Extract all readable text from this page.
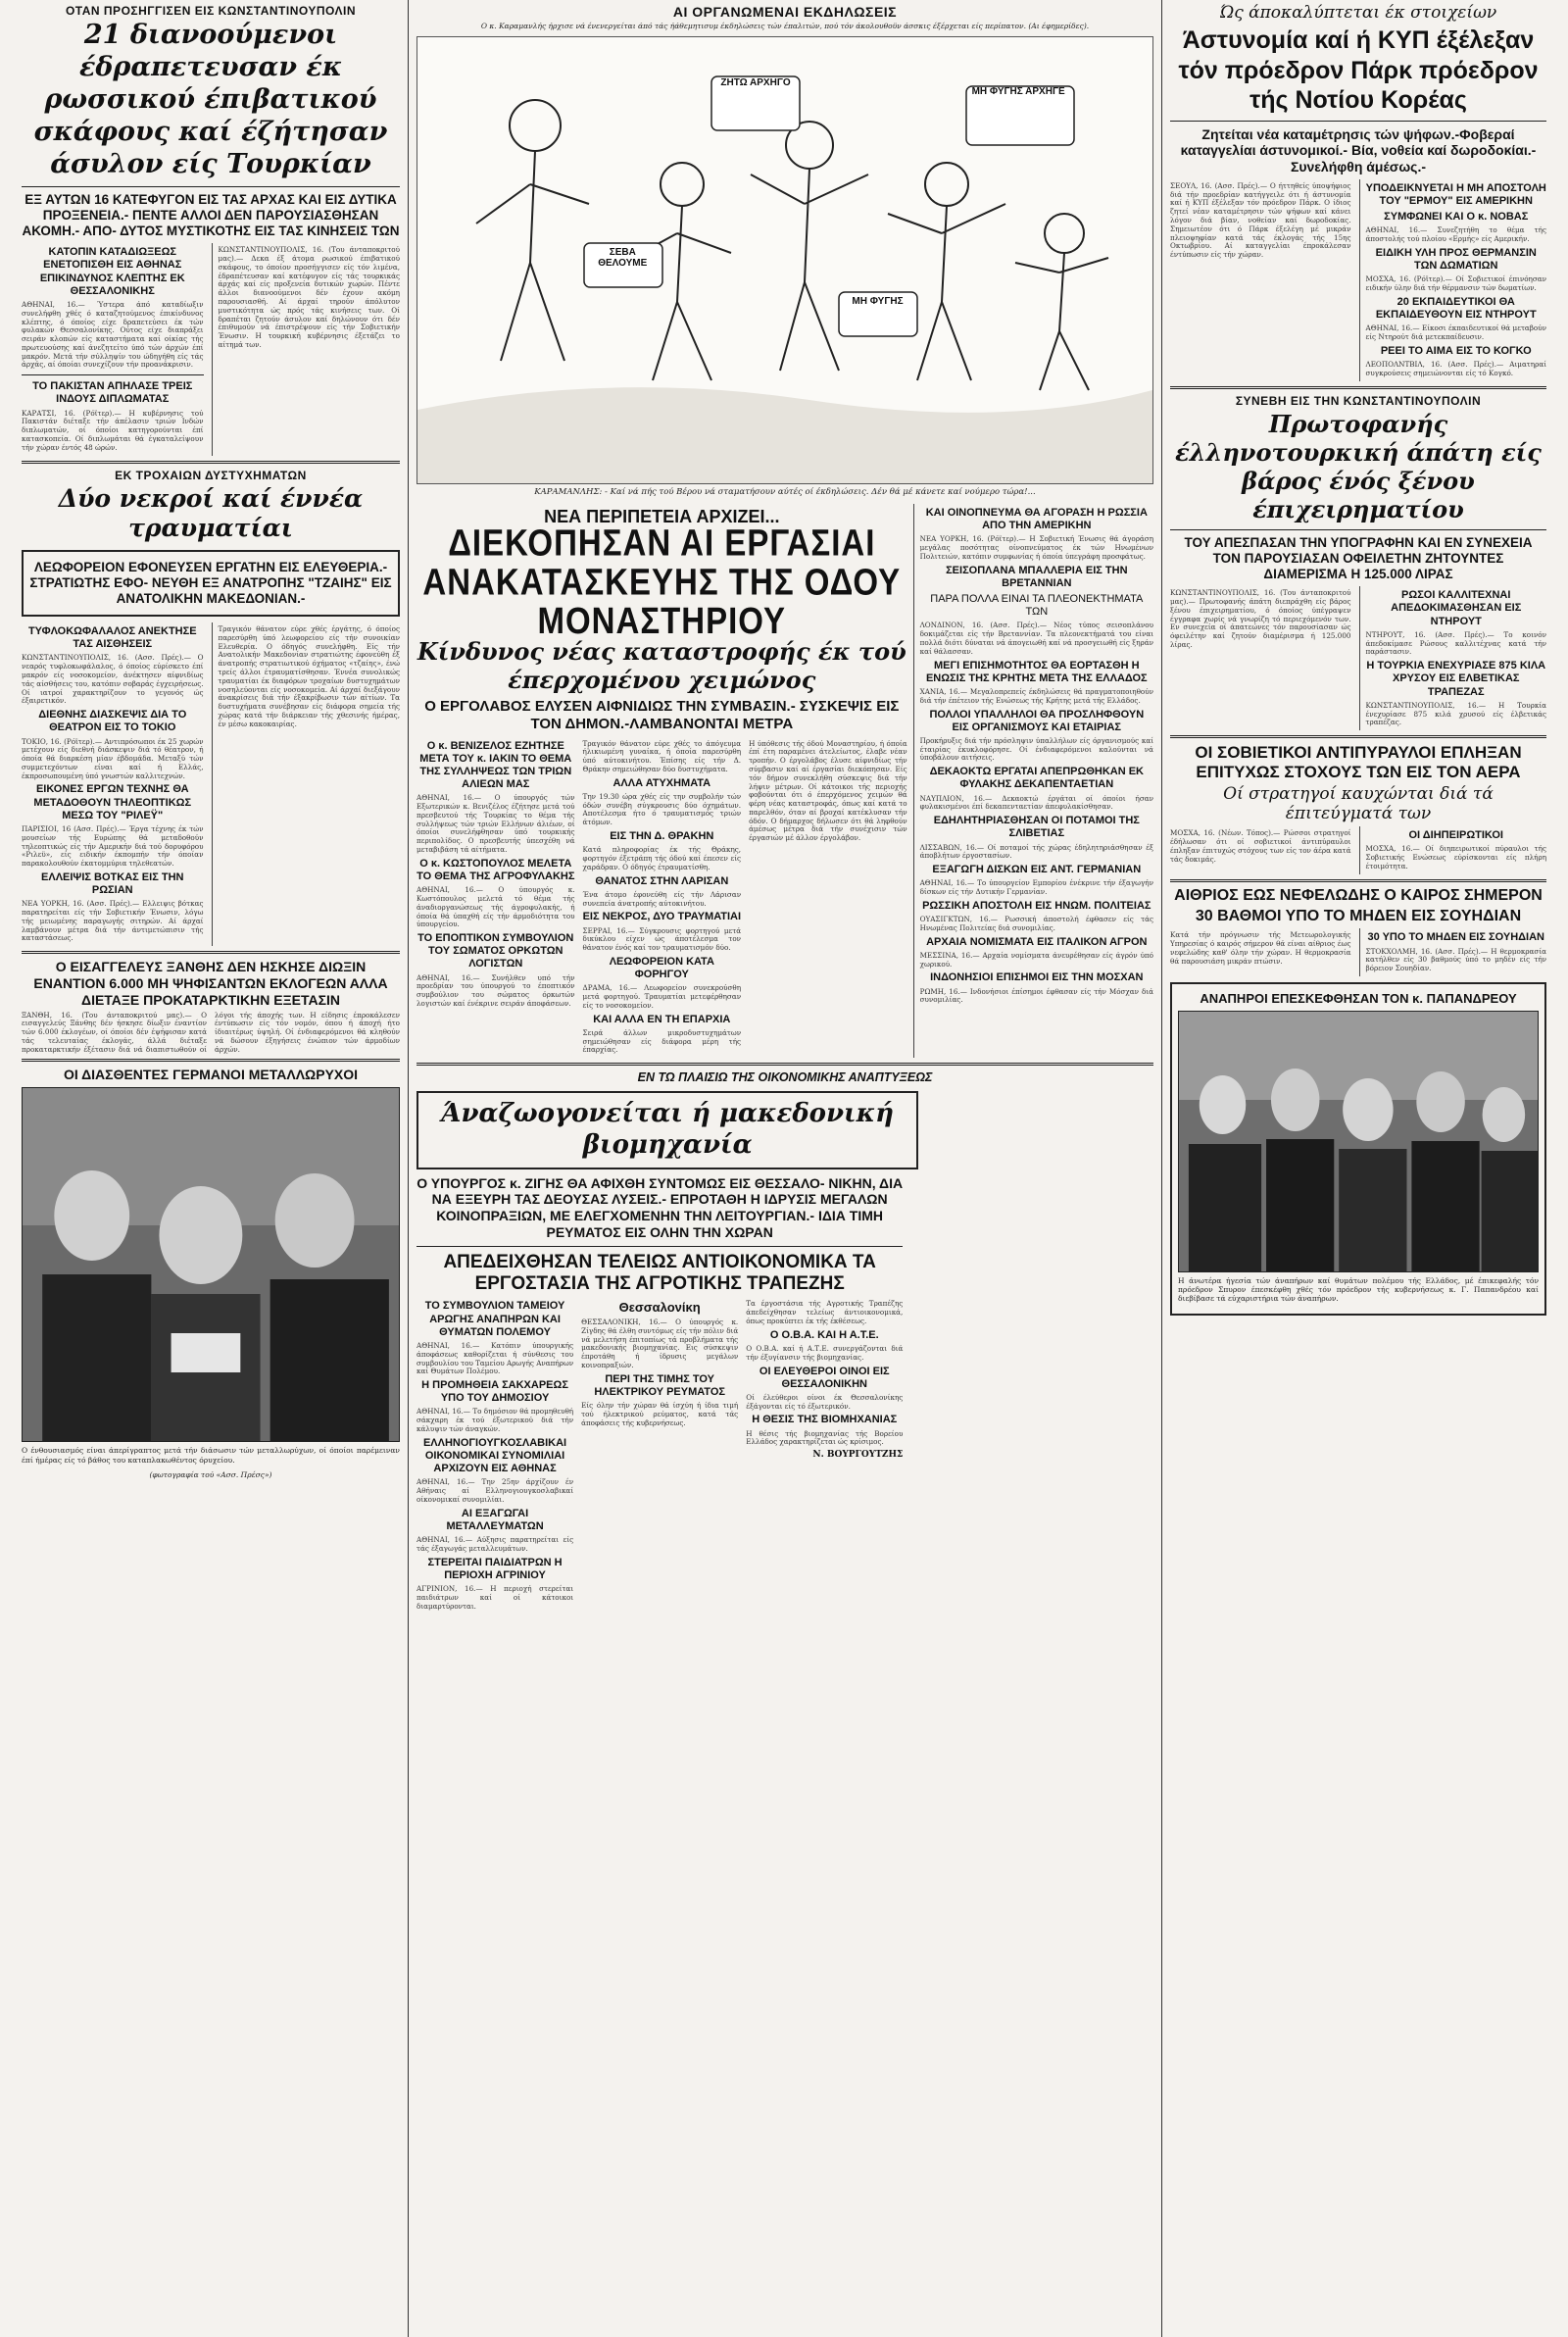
ΟΤΑΝ ΠΡΟΣΗΓΓΙΣΕΝ ΕΙΣ ΚΩΝΣΤΑΝΤΙΝΟΥΠΟΛΙΝ
21 διανοούμενοι έδραπετευσαν έκ ρωσσικού έπιβατικού σκάφους καί έζήτησαν άσυλον είς Τουρκίαν
ΕΞ ΑΥΤΩΝ 16 ΚΑΤΕΦΥΓΟΝ ΕΙΣ ΤΑΣ ΑΡΧΑΣ ΚΑΙ ΕΙΣ ΔΥΤΙΚΑ ΠΡΟΞΕΝΕΙΑ.- ΠΕΝΤΕ ΑΛΛΟΙ ΔΕΝ ΠΑΡΟΥΣΙΑΣΘΗΣΑΝ ΑΚΟΜΗ.- ΑΠΟ- ΔΥΤΟΣ ΜΥΣΤΙΚΟΤΗΣ ΕΙΣ ΤΑΣ ΚΙΝΗΣΕΙΣ ΤΩΝ
ΚΑΤΟΠΙΝ ΚΑΤΑΔΙΩΞΕΩΣ ΕΝΕΤΟΠΙΣΘΗ ΕΙΣ ΑΘΗΝΑΣ ΕΠΙΚΙΝΔΥΝΟΣ ΚΛΕΠΤΗΣ ΕΚ ΘΕΣΣΑΛΟΝΙΚΗΣ
ΑΘΗΝΑΙ, 16.— Ύστερα άπό καταδίωξιν συνελήφθη χθές ό καταζητούμενος έπικίνδυνος κλέπτης, ό όποίος είχε δραπετεύσει έκ τών φυλακών Θεσσαλονίκης. Ούτος είχε διαπράξει σειράν κλοπών είς καταστήματα καί οίκίας τής πρωτευούσης καί άνεζητείτο ύπό τών άρχών έπί μακρόν. Μετά τήν σύλληψίν του ώδηγήθη είς τάς άρχάς, αί όποίαι συνεχίζουν τήν προανάκρισιν.
ΤΟ ΠΑΚΙΣΤΑΝ ΑΠΗΛΑΣΕ ΤΡΕΙΣ ΙΝΔΟΥΣ ΔΙΠΛΩΜΑΤΑΣ
ΚΑΡΑΤΣΙ, 16. (Ρόϊτερ).— Η κυβέρνησις τού Πακιστάν διέταξε τήν άπέλασιν τριών Ινδών διπλωματών, οί όποίοι κατηγορούνται έπί κατασκοπεία. Οί διπλωμάται θά έγκαταλείψουν τήν χώραν έντός 48 ώρών.
ΚΩΝΣΤΑΝΤΙΝΟΥΠΟΛΙΣ, 16. (Του άνταποκριτού μας).— Δεκα έξ άτομα ρωσικού έπιβατικού σκάφους, το όποίον προσήγγισεν είς τόν λιμένα, έδραπέτευσαν καί κατέφυγον είς τάς τουρκικάς άρχάς καί είς προξενεία δυτικών χωρών. Πέντε άλλοι διανοούμενοι δέν έχουν ακόμη παρουσιασθή. Αί άρχαί τηρούν άπόλυτον μυστικότητα ώς πρός τάς κινήσεις των. Οί δραπέται ζητούν άσυλον καί δηλώνουν ότι δέν έπιθυμούν νά έπιστρέψουν είς τήν Σοβιετικήν Ένωσιν. Η τουρκική κυβέρνησις έξετάζει το αίτημά των.
ΕΚ ΤΡΟΧΑΙΩΝ ΔΥΣΤΥΧΗΜΑΤΩΝ
Δύο νεκροί καί έννέα τραυματίαι
ΛΕΩΦΟΡΕΙΟΝ ΕΦΟΝΕΥΣΕΝ ΕΡΓΑΤΗΝ ΕΙΣ ΕΛΕΥΘΕΡΙΑ.- ΣΤΡΑΤΙΩΤΗΣ ΕΦΟ- ΝΕΥΘΗ ΕΞ ΑΝΑΤΡΟΠΗΣ "ΤΖΑΙΗΣ" ΕΙΣ ΑΝΑΤΟΛΙΚΗΝ ΜΑΚΕΔΟΝΙΑΝ.-
ΤΥΦΛΟΚΩΦΑΛΑΛΟΣ ΑΝΕΚΤΗΣΕ ΤΑΣ ΑΙΣΘΗΣΕΙΣ
ΚΩΝΣΤΑΝΤΙΝΟΥΠΟΛΙΣ, 16. (Ασσ. Πρές).— Ο νεαρός τυφλοκωφάλαλος, ό όποίος εύρίσκετο έπί μακρόν είς νοσοκομείον, άνέκτησεν αίφνιδίως τάς αίσθήσεις του, κατόπιν σοβαράς έγχειρήσεως. Οί ιατροί χαρακτηρίζουν το γεγονός ώς έξαιρετικόν.
ΔΙΕΘΝΗΣ ΔΙΑΣΚΕΨΙΣ ΔΙΑ ΤΟ ΘΕΑΤΡΟΝ ΕΙΣ ΤΟ ΤΟΚΙΟ
ΤΟΚΙΟ, 16. (Ρόϊτερ).— Αντιπρόσωποι έκ 25 χωρών μετέχουν είς διεθνή διάσκεψιν διά τό θέατρον, ή όποία θά διαρκέση μίαν έβδομάδα. Μεταξύ τών συμμετεχόντων είναι καί ή Ελλάς, έκπροσωπουμένη ύπό γνωστών καλλιτεχνών.
ΕΙΚΟΝΕΣ ΕΡΓΩΝ ΤΕΧΝΗΣ ΘΑ ΜΕΤΑΔΟΘΟΥΝ ΤΗΛΕΟΠΤΙΚΩΣ ΜΕΣΩ ΤΟΥ "ΡΙΛΕΫ"
ΠΑΡΙΣΙΟΙ, 16 (Ασσ. Πρές).— Έργα τέχνης έκ τών μουσείων τής Ευρώπης θά μεταδοθούν τηλεοπτικώς είς τήν Αμερικήν διά τού δορυφόρου «Ριλεϋ», είς ειδικήν έκπομπήν τήν όποίαν παρακολουθούν έκατομμύρια τηλεθεατών.
ΕΛΛΕΙΨΙΣ ΒΟΤΚΑΣ ΕΙΣ ΤΗΝ ΡΩΣΙΑΝ
ΝΕΑ ΥΟΡΚΗ, 16. (Ασσ. Πρές).— Ελλειψις βότκας παρατηρείται είς τήν Σοβιετικήν Ένωσιν, λόγω τής μειωμένης παραγωγής σιτηρών. Αί άρχαί λαμβάνουν μέτρα διά τήν άντιμετώπισιν τής καταστάσεως.
Τραγικόν θάνατον εύρε χθές έργάτης, ό όποίος παρεσύρθη ύπό λεωφορείου είς τήν συνοικίαν Ελευθερία. Ο όδηγός συνελήφθη. Είς τήν Ανατολικήν Μακεδονίαν στρατιώτης έφονεύθη έξ άνατροπής στρατιωτικού όχήματος «τζαίης», ένώ τρείς άλλοι έτραυματίσθησαν. Έννέα συνολικώς τραυματίαι έκ διαφόρων τροχαίων δυστυχημάτων νοσηλεύονται είς νοσοκομεία. Αί άρχαί διεξάγουν άνακρίσεις διά τήν έξακρίβωσιν τών αίτίων. Τα δυστυχήματα συνέβησαν είς διάφορα σημεία τής χώρας κατά τήν διάρκειαν τής χθεσινής ήμέρας, έν μέσω κακοκαιρίας.
Ο ΕΙΣΑΓΓΕΛΕΥΣ ΞΑΝΘΗΣ ΔΕΝ ΗΣΚΗΣΕ ΔΙΩΞΙΝ ΕΝΑΝΤΙΟΝ 6.000 ΜΗ ΨΗΦΙΣΑΝΤΩΝ ΕΚΛΟΓΕΩΝ ΑΛΛΑ ΔΙΕΤΑΞΕ ΠΡΟΚΑΤΑΡΚΤΙΚΗΝ ΕΞΕΤΑΣΙΝ
ΞΑΝΘΗ, 16. (Του άνταποκριτού μας).— Ο εισαγγελεύς Ξάνθης δέν ήσκησε δίωξιν έναντίον τών 6.000 έκλογέων, οί όποίοι δέν έψήφισαν κατά τάς τελευταίας έκλογάς, άλλά διέταξε προκαταρκτικήν έξέτασιν διά νά διαπιστωθούν οί λόγοι τής άποχής των. Η είδησις έπροκάλεσεν έντύπωσιν είς τόν νομόν, όπου ή άποχή ήτο ίδιαιτέρως ύψηλή. Οί ένδιαφερόμενοι θά κληθούν νά δώσουν έξηγήσεις ένώπιον τών άρμοδίων άρχών.
ΟΙ ΔΙΑΣΘΕΝΤΕΣ ΓΕΡΜΑΝΟΙ ΜΕΤΑΛΛΩΡΥΧΟΙ
Ο ένθουσιασμός είναι άπερίγραπτος μετά τήν διάσωσιν τών μεταλλωρύχων, οί όποίοι παρέμειναν έπί ήμέρας είς τό βάθος του καταπλακωθέντος όρυχείου.
(φωτογραφία τού «Ασσ. Πρέσς»)
ΑΙ ΟΡΓΑΝΩΜΕΝΑΙ ΕΚΔΗΛΩΣΕΙΣ
Ο κ. Καραμανλής ήρχισε νά ένενεργείται άπό τάς ήάθεμητισυμ έκδηλώσεις τών έπαλιτών, πού τόν άκολουθοϋν άσσκις έξέρχεται είς περίπατον. (Αι έφημερίδες).
ΖΗΤΩ ΑΡΧΗΓΟ
ΜΗ ΦΥΓΗΣ ΑΡΧΗΓΕ
ΣΕΒΑ ΘΕΛΟΥΜΕ
ΜΗ ΦΥΓΗΣ
ΚΑΡΑΜΑΝΛΗΣ: - Καί νά πής τού Βέρου νά σταματήσουν αύτές οί έκδηλώσεις. Δέν θά μέ κάνετε καί νούμερο τώρα!...
ΝΕΑ ΠΕΡΙΠΕΤΕΙΑ ΑΡΧΙΖΕΙ...
ΔΙΕΚΟΠΗΣΑΝ ΑΙ ΕΡΓΑΣΙΑΙ ΑΝΑΚΑΤΑΣΚΕΥΗΣ ΤΗΣ ΟΔΟΥ ΜΟΝΑΣΤΗΡΙΟΥ
Κίνδυνος νέας καταστροφής έκ τού έπερχομένου χειμώνος
Ο ΕΡΓΟΛΑΒΟΣ ΕΛΥΣΕΝ ΑΙΦΝΙΔΙΩΣ ΤΗΝ ΣΥΜΒΑΣΙΝ.- ΣΥΣΚΕΨΙΣ ΕΙΣ ΤΟΝ ΔΗΜΟΝ.-ΛΑΜΒΑΝΟΝΤΑΙ ΜΕΤΡΑ
Ο κ. ΒΕΝΙΖΕΛΟΣ ΕΖΗΤΗΣΕ ΜΕΤΑ ΤΟΥ κ. ΙΑΚΙΝ ΤΟ ΘΕΜΑ ΤΗΣ ΣΥΛΛΗΨΕΩΣ ΤΩΝ ΤΡΙΩΝ ΑΛΙΕΩΝ ΜΑΣ
ΑΘΗΝΑΙ, 16.— Ο ύπουργός τών Εξωτερικών κ. Βενιζέλος έζήτησε μετά τού πρεσβευτού τής Τουρκίας το θέμα τής συλλήψεως τών τριών Ελλήνων άλιέων, οί όποίοι συνελήφθησαν ύπό τουρκικής περιπολίδος. Ο πρεσβευτής ύπεσχέθη νά μεταβιβάση τά αίτήματα.
Ο κ. ΚΩΣΤΟΠΟΥΛΟΣ ΜΕΛΕΤΑ ΤΟ ΘΕΜΑ ΤΗΣ ΑΓΡΟΦΥΛΑΚΗΣ
ΑΘΗΝΑΙ, 16.— Ο ύπουργός κ. Κωστόπουλος μελετά τό θέμα τής άναδιοργανώσεως τής άγροφυλακής, ή όποία θά ύπαχθή είς τήν άρμοδιότητα του ύπουργείου.
ΤΟ ΕΠΟΠΤΙΚΟΝ ΣΥΜΒΟΥΛΙΟΝ ΤΟΥ ΣΩΜΑΤΟΣ ΟΡΚΩΤΩΝ ΛΟΓΙΣΤΩΝ
ΑΘΗΝΑΙ, 16.— Συνήλθεν υπό τήν προεδρίαν του ύπουργού το έποπτικόν συμβούλιον του σώματος όρκωτών λογιστών καί ένέκρινε σειράν άποφάσεων.
Τραγικόν θάνατον εύρε χθές το άπόγευμα ήλικιωμένη γυναίκα, ή όποία παρεσύρθη ύπό αύτοκινήτου. Έπίσης είς τήν Δ. Θράκην σημειώθησαν δύο δυστυχήματα.
ΑΛΛΑ ΑΤΥΧΗΜΑΤΑ
Την 19.30 ώρα χθές είς την συμβολήν τών όδών συνέβη σύγκρουσις δύο όχημάτων. Αποτέλεσμα ήτο ό τραυματισμός τριών άτόμων.
ΕΙΣ ΤΗΝ Δ. ΘΡΑΚΗΝ
Κατά πληροφορίας έκ τής Θράκης, φορτηγόν έξετράπη τής όδού καί έπεσεν είς χαράδραν. Ο όδηγός έτραυματίσθη.
ΘΑΝΑΤΟΣ ΣΤΗΝ ΛΑΡΙΣΑΝ
Ένα άτομο έφονεύθη είς τήν Λάρισαν συνεπεία άνατροπής αύτοκινήτου.
ΕΙΣ ΝΕΚΡΟΣ, ΔΥΟ ΤΡΑΥΜΑΤΙΑΙ
ΣΕΡΡΑΙ, 16.— Σύγκρουσις φορτηγού μετά δικύκλου είχεν ώς άποτέλεσμα τον θάνατον ένός καί τον τραυματισμόν δύο.
ΛΕΩΦΟΡΕΙΟΝ ΚΑΤΑ ΦΟΡΗΓΟΥ
ΔΡΑΜΑ, 16.— Λεωφορείον συνεκρούσθη μετά φορτηγού. Τραυματίαι μετεφέρθησαν είς το νοσοκομείον.
ΚΑΙ ΑΛΛΑ ΕΝ ΤΗ ΕΠΑΡΧΙΑ
Σειρά άλλων μικροδυστυχημάτων σημειώθησαν είς διάφορα μέρη τής έπαρχίας.
Η ύπόθεσις τής όδού Μοναστηρίου, ή όποία έπί έτη παραμένει άτελείωτος, έλαβε νέαν τροπήν. Ο έργολάβος έλυσε αίφνιδίως τήν σύμβασιν καί αί έργασίαι διεκόπησαν. Είς τόν δήμον συνεκλήθη σύσκεψις διά τήν λήψιν μέτρων. Οί κάτοικοι τής περιοχής φοβούνται ότι ό έπερχόμενος χειμών θά φέρη νέας καταστροφάς, όπως καί κατά το παρελθόν, όταν αί βροχαί κατέκλυσαν τήν όδόν. Ο δήμαρχος δήλωσεν ότι θά ληφθούν άμέσως μέτρα διά τήν συνέχισιν τών έργασιών μέ άλλον έργολάβον.
ΚΑΙ ΟΙΝΟΠΝΕΥΜΑ ΘΑ ΑΓΟΡΑΣΗ Η ΡΩΣΣΙΑ ΑΠΟ ΤΗΝ ΑΜΕΡΙΚΗΝ
ΝΕΑ ΥΟΡΚΗ, 16. (Ρόϊτερ).— Η Σοβιετική Ένωσις θά άγοράση μεγάλας ποσότητας οίνοπνεύματος έκ τών Ηνωμένων Πολιτειών, κατόπιν συμφωνίας ή όποία ύπεγράφη προσφάτως.
ΣΕΙΣΟΠΛΑΝΑ ΜΠΑΛΛΕΡΙΑ ΕΙΣ ΤΗΝ ΒΡΕΤΑΝΝΙΑΝ
ΠΑΡΑ ΠΟΛΛΑ ΕΙΝΑΙ ΤΑ ΠΛΕΟΝΕΚΤΗΜΑΤΑ ΤΩΝ
ΛΟΝΔΙΝΟΝ, 16. (Ασσ. Πρές).— Νέος τύπος σεισοπλάνου δοκιμάζεται είς τήν Βρεταννίαν. Τα πλεονεκτήματά του είναι πολλά διότι δύναται νά άπογειωθή καί νά προσγειωθή είς ξηράν καί θάλασσαν.
ΜΕΓΙ ΕΠΙΣΗΜΟΤΗΤΟΣ ΘΑ ΕΟΡΤΑΣΘΗ Η ΕΝΩΣΙΣ ΤΗΣ ΚΡΗΤΗΣ ΜΕΤΑ ΤΗΣ ΕΛΛΑΔΟΣ
ΧΑΝΙΑ, 16.— Μεγαλοπρεπείς έκδηλώσεις θά πραγματοποιηθούν διά τήν έπέτειον τής Ενώσεως τής Κρήτης μετά τής Ελλάδος.
ΠΟΛΛΟΙ ΥΠΑΛΛΗΛΟΙ ΘΑ ΠΡΟΣΛΗΦΘΟΥΝ ΕΙΣ ΟΡΓΑΝΙΣΜΟΥΣ ΚΑΙ ΕΤΑΙΡΙΑΣ
Προκήρυξις διά τήν πρόσληψιν ύπαλλήλων είς όργανισμούς καί έταιρίας έκυκλοφόρησε. Οί ένδιαφερόμενοι καλούνται νά ύποβάλουν αιτήσεις.
ΔΕΚΑΟΚΤΩ ΕΡΓΑΤΑΙ ΑΠΕΠΡΩΘΗΚΑΝ ΕΚ ΦΥΛΑΚΗΣ ΔΕΚΑΠΕΝΤΑΕΤΙΑΝ
ΝΑΥΠΛΙΟΝ, 16.— Δεκαοκτώ έργάται οί όποίοι ήσαν φυλακισμένοι έπί δεκαπενταετίαν άπεφυλακίσθησαν.
ΕΔΗΛΗΤΗΡΙΑΣΘΗΣΑΝ ΟΙ ΠΟΤΑΜΟΙ ΤΗΣ ΣΛΙΒΕΤΙΑΣ
ΛΙΣΣΑΒΩΝ, 16.— Οί ποταμοί τής χώρας έδηλητηριάσθησαν έξ άποβλήτων έργοστασίων.
ΕΞΑΓΩΓΗ ΔΙΣΚΩΝ ΕΙΣ ΑΝΤ. ΓΕΡΜΑΝΙΑΝ
ΑΘΗΝΑΙ, 16.— Το ύπουργείον Εμπορίου ένέκρινε τήν έξαγωγήν δίσκων είς τήν Δυτικήν Γερμανίαν.
ΡΩΣΣΙΚΗ ΑΠΟΣΤΟΛΗ ΕΙΣ ΗΝΩΜ. ΠΟΛΙΤΕΙΑΣ
ΟΥΑΣΙΓΚΤΩΝ, 16.— Ρωσσική άποστολή έφθασεν είς τάς Ηνωμένας Πολιτείας διά συνομιλίας.
ΑΡΧΑΙΑ ΝΟΜΙΣΜΑΤΑ ΕΙΣ ΙΤΑΛΙΚΟΝ ΑΓΡΟΝ
ΜΕΣΣΙΝΑ, 16.— Αρχαία νομίσματα άνευρέθησαν είς άγρόν ύπό χωρικού.
ΙΝΔΟΝΗΣΙΟΙ ΕΠΙΣΗΜΟΙ ΕΙΣ ΤΗΝ ΜΟΣΧΑΝ
ΡΩΜΗ, 16.— Ινδονήσιοι έπίσημοι έφθασαν είς τήν Μόσχαν διά συνομιλίας.
ΕΝ ΤΩ ΠΛΑΙΣΙΩ ΤΗΣ ΟΙΚΟΝΟΜΙΚΗΣ ΑΝΑΠΤΥΞΕΩΣ
Άναζωογονείται ή μακεδονική βιομηχανία
Ο ΥΠΟΥΡΓΟΣ κ. ΖΙΓΗΣ ΘΑ ΑΦΙΧΘΗ ΣΥΝΤΟΜΩΣ ΕΙΣ ΘΕΣΣΑΛΟ- ΝΙΚΗΝ, ΔΙΑ ΝΑ ΕΞΕΥΡΗ ΤΑΣ ΔΕΟΥΣΑΣ ΛΥΣΕΙΣ.- ΕΠΡΟΤΑΘΗ Η ΙΔΡΥΣΙΣ ΜΕΓΑΛΩΝ ΚΟΙΝΟΠΡΑΞΙΩΝ, ΜΕ ΕΛΕΓΧΟΜΕΝΗΝ ΤΗΝ ΛΕΙΤΟΥΡΓΙΑΝ.- ΙΔΙΑ ΤΙΜΗ ΡΕΥΜΑΤΟΣ ΕΙΣ ΟΛΗΝ ΤΗΝ ΧΩΡΑΝ
ΑΠΕΔΕΙΧΘΗΣΑΝ ΤΕΛΕΙΩΣ ΑΝΤΙΟΙΚΟΝΟΜΙΚΑ ΤΑ ΕΡΓΟΣΤΑΣΙΑ ΤΗΣ ΑΓΡΟΤΙΚΗΣ ΤΡΑΠΕΖΗΣ
ΤΟ ΣΥΜΒΟΥΛΙΟΝ ΤΑΜΕΙΟΥ ΑΡΩΓΗΣ ΑΝΑΠΗΡΩΝ ΚΑΙ ΘΥΜΑΤΩΝ ΠΟΛΕΜΟΥ
ΑΘΗΝΑΙ, 16.— Κατόπιν ύπουργικής άποφάσεως καθορίζεται ή σύνθεσις του συμβουλίου του Ταμείου Αρωγής Αναπήρων καί Θυμάτων Πολέμου.
Η ΠΡΟΜΗΘΕΙΑ ΣΑΚΧΑΡΕΩΣ ΥΠΟ ΤΟΥ ΔΗΜΟΣΙΟΥ
ΑΘΗΝΑΙ, 16.— Το δημόσιον θά προμηθευθή σάκχαρη έκ τού έξωτερικού διά τήν κάλυψιν τών άναγκών.
ΕΛΛΗΝΟΓΙΟΥΓΚΟΣΛΑΒΙΚΑΙ ΟΙΚΟΝΟΜΙΚΑΙ ΣΥΝΟΜΙΛΙΑΙ ΑΡΧΙΖΟΥΝ ΕΙΣ ΑΘΗΝΑΣ
ΑΘΗΝΑΙ, 16.— Την 25ην άρχίζουν έν Αθήναις αί Ελληνογιουγκοσλαβικαί οίκονομικαί συνομιλίαι.
ΑΙ ΕΞΑΓΩΓΑΙ ΜΕΤΑΛΛΕΥΜΑΤΩΝ
ΑΘΗΝΑΙ, 16.— Αύξησις παρατηρείται είς τάς έξαγωγάς μεταλλευμάτων.
ΣΤΕΡΕΙΤΑΙ ΠΑΙΔΙΑΤΡΩΝ Η ΠΕΡΙΟΧΗ ΑΓΡΙΝΙΟΥ
ΑΓΡΙΝΙΟΝ, 16.— Η περιοχή στερείται παιδιάτρων καί οί κάτοικοι διαμαρτύρονται.
Θεσσαλονίκη
ΘΕΣΣΑΛΟΝΙΚΗ, 16.— Ο ύπουργός κ. Ζίγδης θά έλθη συντόμως είς τήν πόλιν διά νά μελετήση έπιτοπίως τά προβλήματα τής μακεδονικής βιομηχανίας. Εις σύσκεψιν έπροτάθη ή ίδρυσις μεγάλων κοινοπραξιών.
ΠΕΡΙ ΤΗΣ ΤΙΜΗΣ ΤΟΥ ΗΛΕΚΤΡΙΚΟΥ ΡΕΥΜΑΤΟΣ
Είς όλην τήν χώραν θά ίσχύη ή ίδια τιμή τού ήλεκτρικού ρεύματος, κατά τάς άποφάσεις τής κυβερνήσεως.
Τα έργοστάσια τής Αγροτικής Τραπέζης άπεδείχθησαν τελείως άντιοικονομικά, όπως προκύπτει έκ τής έκθέσεως.
Ο Ο.Β.Α. ΚΑΙ Η Α.Τ.Ε.
Ο Ο.Β.Α. καί ή Α.Τ.Ε. συνεργάζονται διά τήν έξυγίανσιν τής βιομηχανίας.
ΟΙ ΕΛΕΥΘΕΡΟΙ ΟΙΝΟΙ ΕΙΣ ΘΕΣΣΑΛΟΝΙΚΗΝ
Οί έλεύθεροι οίνοι έκ Θεσσαλονίκης έξάγονται είς τό έξωτερικόν.
Η ΘΕΣΙΣ ΤΗΣ ΒΙΟΜΗΧΑΝΙΑΣ
Η θέσις τής βιομηχανίας τής Βορείου Ελλάδος χαρακτηρίζεται ώς κρίσιμος.
Ν. ΒΟΥΡΓΟΥΤΖΗΣ
Ώς άποκαλύπτεται έκ στοιχείων
Άστυνομία καί ή ΚΥΠ έξέλεξαν τόν πρόεδρον Πάρκ πρόεδρον τής Νοτίου Κορέας
Ζητείται νέα καταμέτρησις τών ψήφων.-Φοβεραί καταγγελίαι άστυνομικοί.- Βία, νοθεία καί δωροδοκίαι.-Συνελήφθη άμέσως.-
ΣΕΟΥΛ, 16. (Ασσ. Πρές).— Ο ήττηθείς ύποψήφιος διά τήν προεδρίαν κατήγγειλε ότι ή άστυνομία καί ή ΚΥΠ έξέλεξαν τόν πρόεδρον Πάρκ. Ο ίδιος ζητεί νέαν καταμέτρησιν τών ψήφων καί κάνει λόγον διά βίαν, νοθείαν καί δωροδοκίας. Σημειωτέον ότι ό Πάρκ έξελέγη μέ μικράν πλειοψηφίαν κατά τάς έκλογάς τής 15ης Οκτωβρίου. Αί καταγγελίαι έπροκάλεσαν έντύπωσιν είς τήν χώραν.
ΥΠΟΔΕΙΚΝΥΕΤΑΙ Η ΜΗ ΑΠΟΣΤΟΛΗ ΤΟΥ "ΕΡΜΟΥ" ΕΙΣ ΑΜΕΡΙΚΗΝ
ΣΥΜΦΩΝΕΙ ΚΑΙ Ο κ. ΝΟΒΑΣ
ΑΘΗΝΑΙ, 16.— Συνεζητήθη το θέμα τής άποστολής τού πλοίου «Ερμής» είς Αμερικήν.
ΕΙΔΙΚΗ ΥΛΗ ΠΡΟΣ ΘΕΡΜΑΝΣΙΝ ΤΩΝ ΔΩΜΑΤΙΩΝ
ΜΟΣΧΑ, 16. (Ρόϊτερ).— Οί Σοβιετικοί έπινόησαν ειδικήν ύλην διά τήν θέρμανσιν τών δωματίων.
20 ΕΚΠΑΙΔΕΥΤΙΚΟΙ ΘΑ ΕΚΠΑΙΔΕΥΘΟΥΝ ΕΙΣ ΝΤΗΡΟΥΤ
ΑΘΗΝΑΙ, 16.— Είκοσι έκπαιδευτικοί θά μεταβούν είς Ντηρούτ διά μετεκπαίδευσιν.
ΡΕΕΙ ΤΟ ΑΙΜΑ ΕΙΣ ΤΟ ΚΟΓΚΟ
ΛΕΟΠΟΛΝΤΒΙΛ, 16. (Ασσ. Πρές).— Αιματηραί συγκρούσεις σημειώνονται είς τό Κογκό.
ΣΥΝΕΒΗ ΕΙΣ ΤΗΝ ΚΩΝΣΤΑΝΤΙΝΟΥΠΟΛΙΝ
Πρωτοφανής έλληνοτουρκική άπάτη είς βάρος ένός ξένου έπιχειρηματίου
ΤΟΥ ΑΠΕΣΠΑΣΑΝ ΤΗΝ ΥΠΟΓΡΑΦΗΝ ΚΑΙ ΕΝ ΣΥΝΕΧΕΙΑ ΤΟΝ ΠΑΡΟΥΣΙΑΣΑΝ ΟΦΕΙΛΕΤΗΝ ΖΗΤΟΥΝΤΕΣ ΔΙΑΜΕΡΙΣΜΑ Η 125.000 ΛΙΡΑΣ
ΚΩΝΣΤΑΝΤΙΝΟΥΠΟΛΙΣ, 16. (Του άνταποκριτού μας).— Πρωτοφανής άπάτη διεπράχθη είς βάρος ξένου έπιχειρηματίου, ό όποίος ύπέγραψεν έγγραφα χωρίς νά γνωρίζη τό περιεχόμενόν των. Εν συνεχεία οί άπατεώνες τόν παρουσίασαν ώς όφειλέτην καί ζητούν διαμέρισμα ή 125.000 λίρας.
ΡΩΣΟΙ ΚΑΛΛΙΤΕΧΝΑΙ ΑΠΕΔΟΚΙΜΑΣΘΗΣΑΝ ΕΙΣ ΝΤΗΡΟΥΤ
ΝΤΗΡΟΥΤ, 16. (Ασσ. Πρές).— Το κοινόν άπεδοκίμασε Ρώσους καλλιτέχνας κατά τήν παράστασιν.
Η ΤΟΥΡΚΙΑ ΕΝΕΧΥΡΙΑΣΕ 875 ΚΙΛΑ ΧΡΥΣΟΥ ΕΙΣ ΕΛΒΕΤΙΚΑΣ ΤΡΑΠΕΖΑΣ
ΚΩΝΣΤΑΝΤΙΝΟΥΠΟΛΙΣ, 16.— Η Τουρκία ένεχυρίασε 875 κιλά χρυσού είς έλβετικάς τραπέζας.
ΟΙ ΣΟΒΙΕΤΙΚΟΙ ΑΝΤΙΠΥΡΑΥΛΟΙ ΕΠΛΗΞΑΝ ΕΠΙΤΥΧΩΣ ΣΤΟΧΟΥΣ ΤΩΝ ΕΙΣ ΤΟΝ ΑΕΡΑ
Οί στρατηγοί καυχώνται διά τά έπιτεύγματά των
ΜΟΣΧΑ, 16. (Νέων. Τόπος).— Ρώσσοι στρατηγοί έδήλωσαν ότι οί σοβιετικοί άντιπύραυλοι έπληξαν έπιτυχώς στόχους των είς τον άέρα κατά τάς δοκιμάς.
ΟΙ ΔΙΗΠΕΙΡΩΤΙΚΟΙ
ΜΟΣΧΑ, 16.— Οί διηπειρωτικοί πύραυλοι τής Σοβιετικής Ενώσεως εύρίσκονται είς πλήρη έτοιμότητα.
ΑΙΘΡΙΟΣ ΕΩΣ ΝΕΦΕΛΩΔΗΣ Ο ΚΑΙΡΟΣ ΣΗΜΕΡΟΝ
30 ΒΑΘΜΟΙ ΥΠΟ ΤΟ ΜΗΔΕΝ ΕΙΣ ΣΟΥΗΔΙΑΝ
Κατά τήν πρόγνωσιν τής Μετεωρολογικής Υπηρεσίας ό καιρός σήμερον θά είναι αίθριος έως νεφελώδης καθ' όλην τήν χώραν. Η θερμοκρασία θά παρουσιάση μικράν πτώσιν.
30 ΥΠΟ ΤΟ ΜΗΔΕΝ ΕΙΣ ΣΟΥΗΔΙΑΝ
ΣΤΟΚΧΟΛΜΗ, 16. (Ασσ. Πρές).— Η θερμοκρασία κατήλθεν είς 30 βαθμούς ύπό το μηδέν είς τήν βόρειον Σουηδίαν.
ΑΝΑΠΗΡΟΙ ΕΠΕΣΚΕΦΘΗΣΑΝ ΤΟΝ κ. ΠΑΠΑΝΔΡΕΟΥ
Η άνωτέρα ήγεσία τών άναπήρων καί θυμάτων πολέμου τής Ελλάδος, μέ έπικεφαλής τόν πρόεδρον Σπυρον έπεσκέφθη χθές τόν πρόεδρον τής κυβερνήσεως κ. Γ. Παπανδρέου καί διεβίβασε τά εύχαριστήρια τών άναπήρων.
